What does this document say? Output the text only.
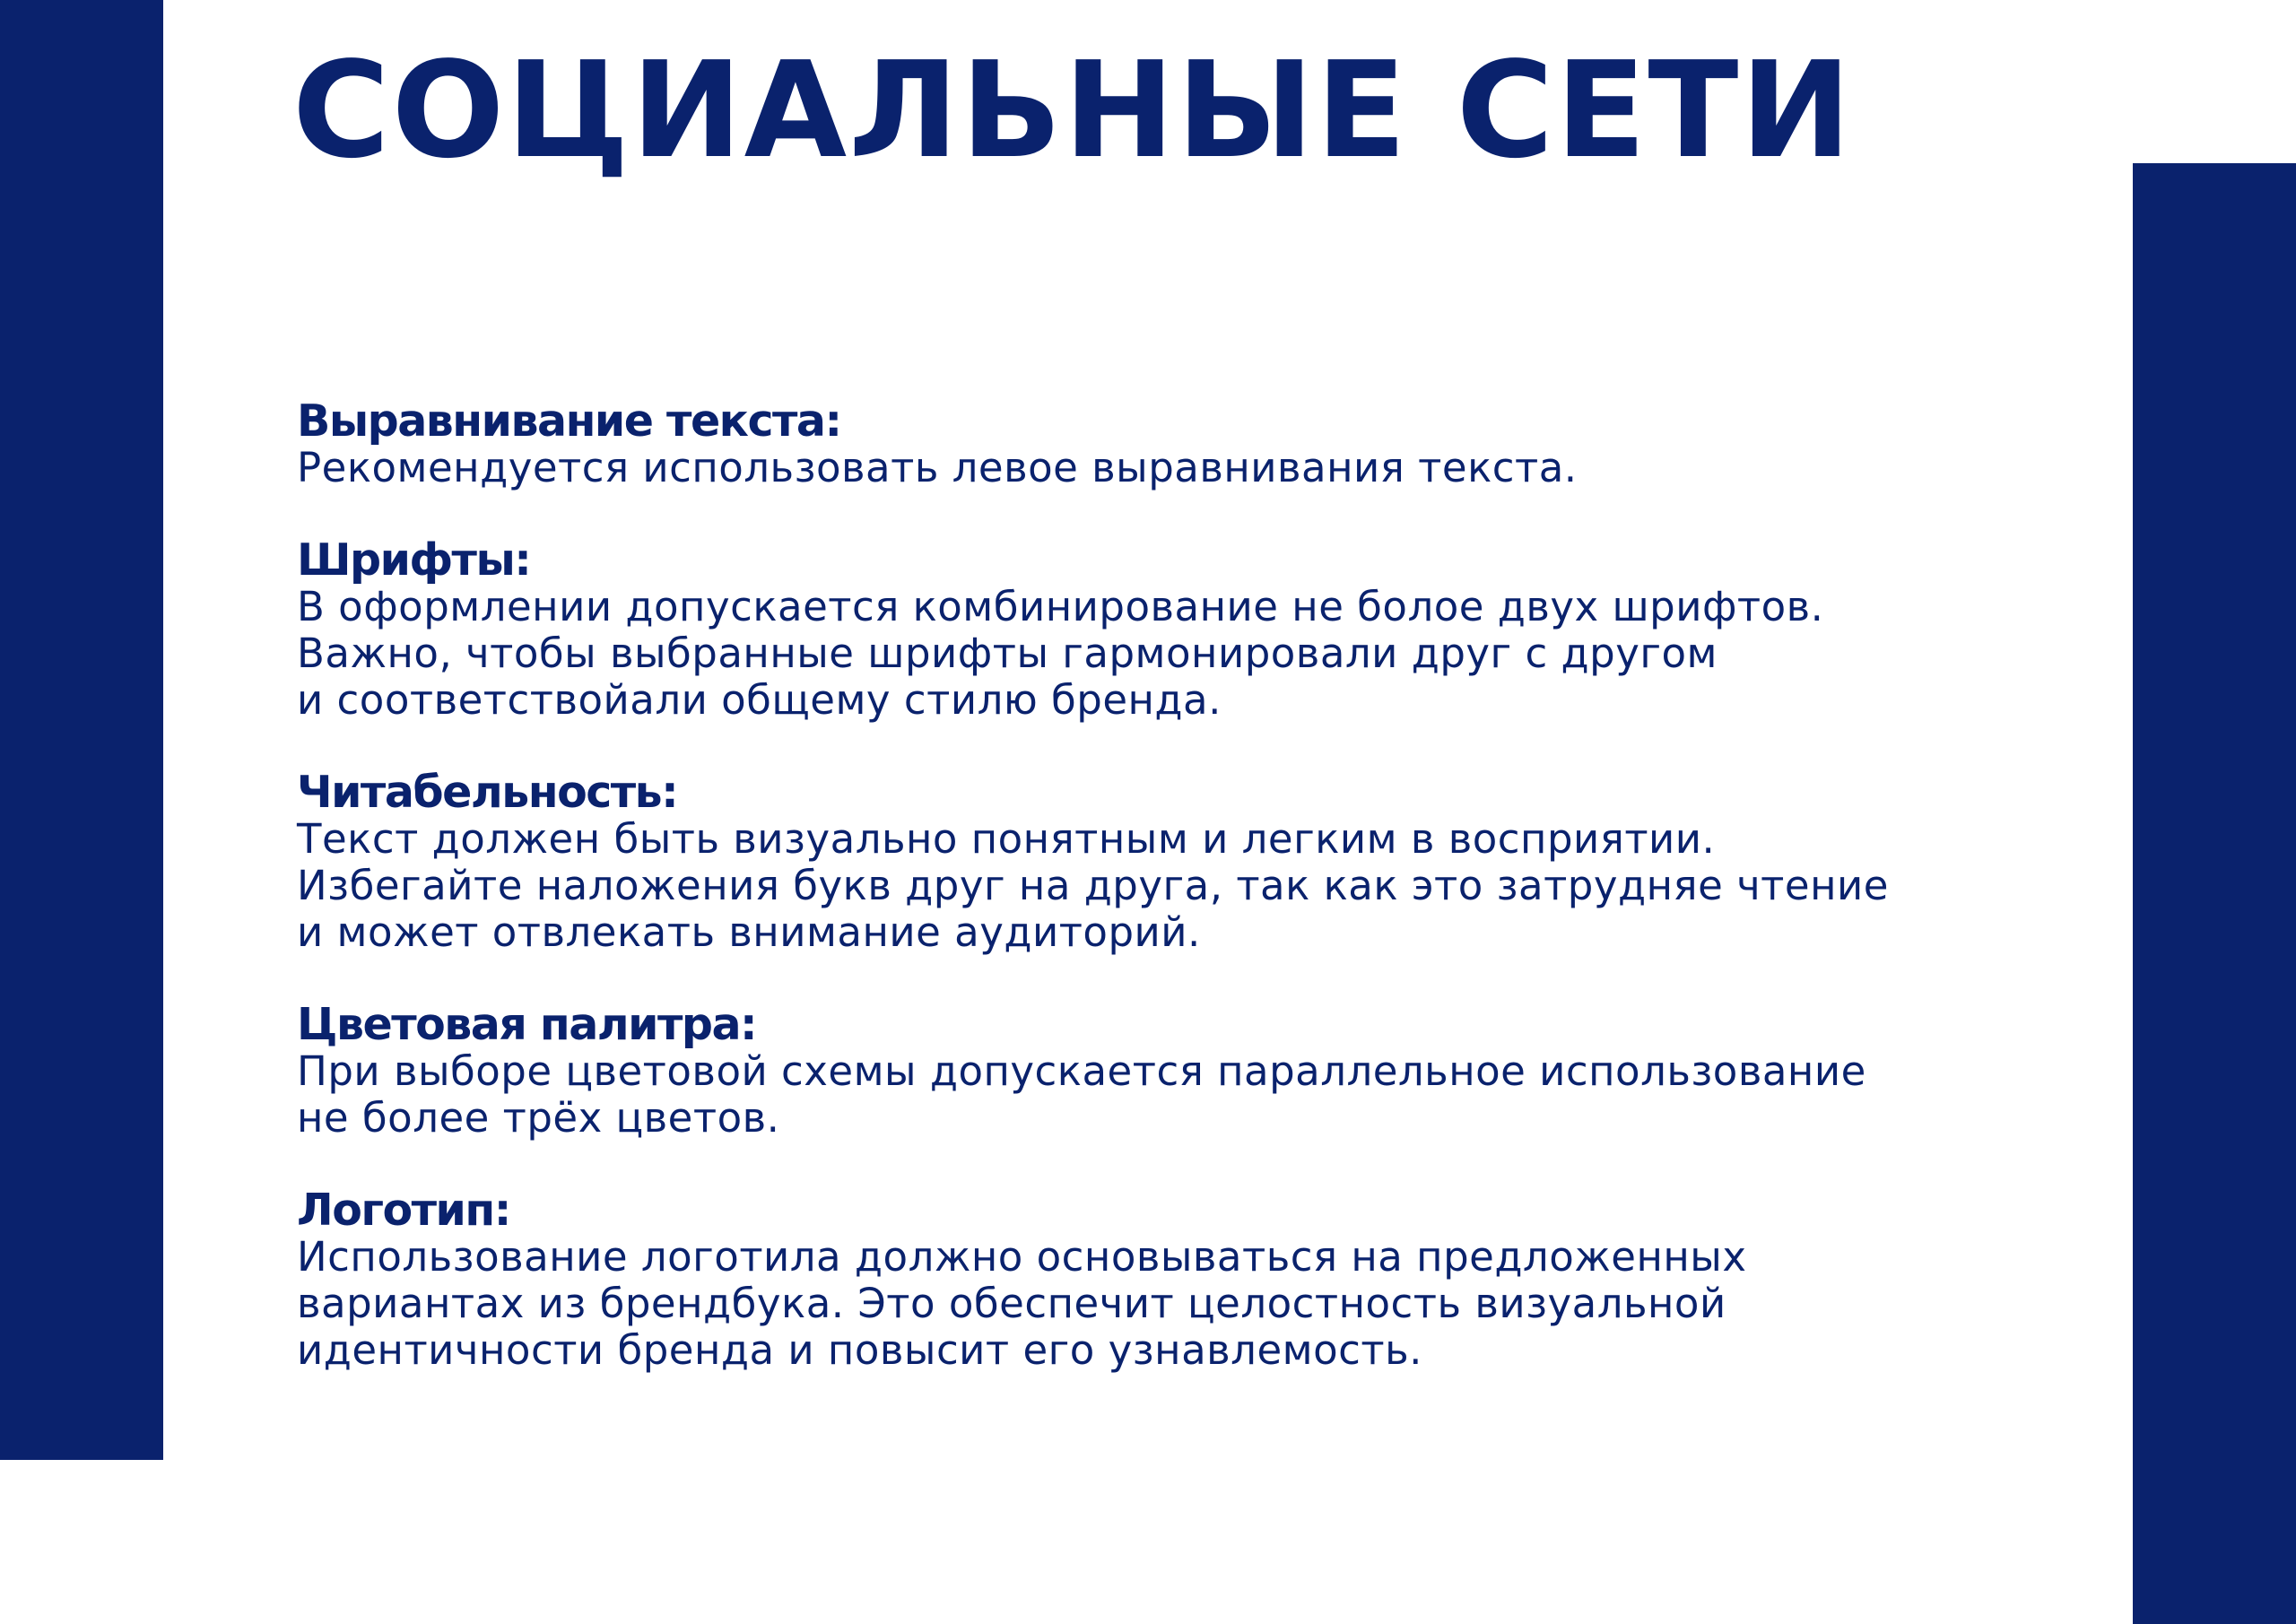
СОЦИАЛЬНЫЕ СЕТИ

Выравнивание текста:

Рекомендуется использовать левое выравнивания текста.

Шрифты:

В оформлении допускается комбинирование не болое двух шрифтов.

Важно, чтобы выбранные шрифты гармонировали друг с другом

и соответствойали общему стилю бренда.

Читабельность:

Текст должен быть визуально понятным и легким в восприятии.

Избегайте наложения букв друг на друга, так как это затрудняе чтение

и может отвлекать внимание аудиторий.

Цветовая палитра:

При выборе цветовой схемы допускается параллельное использование

не более трёх цветов.

Логотип:

Использование логотила должно основываться на предложенных

вариантах из брендбука. Это обеспечит целостность визуальной

идентичности бренда и повысит его узнавлемость.
